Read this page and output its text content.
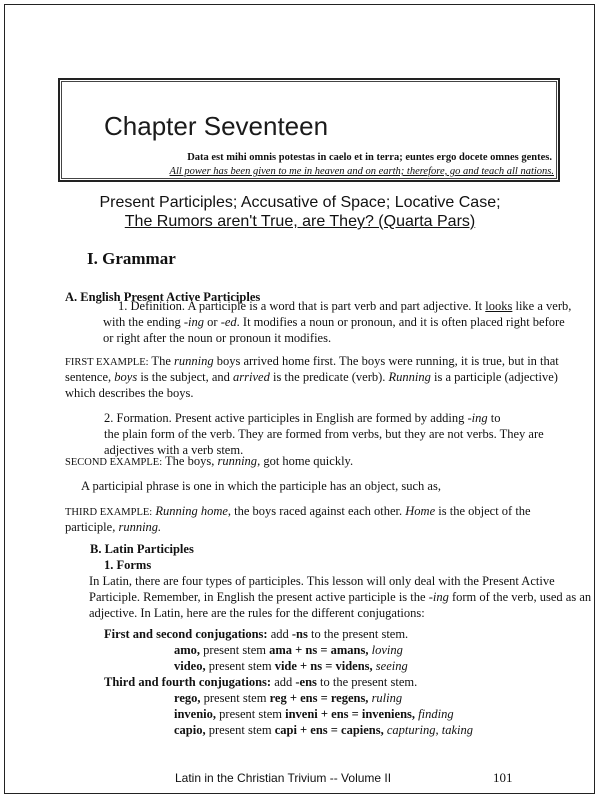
Chapter Seventeen
Data est mihi omnis potestas in caelo et in terra; euntes ergo docete omnes gentes.
All power has been given to me in heaven and on earth; therefore, go and teach all nations.
Present Participles; Accusative of Space; Locative Case;
The Rumors aren't True, are They? (Quarta Pars)
I. Grammar
A. English Present Active Participles
1. Definition. A participle is a word that is part verb and part adjective. It looks like a verb,
with the ending -ing or -ed. It modifies a noun or pronoun, and it is often placed right before
or right after the noun or pronoun it modifies.
FIRST EXAMPLE: The running boys arrived home first. The boys were running, it is true, but in that
sentence, boys is the subject, and arrived is the predicate (verb). Running is a participle (adjective)
which describes the boys.
2. Formation. Present active participles in English are formed by adding -ing to
the plain form of the verb. They are formed from verbs, but they are not verbs. They are
adjectives with a verb stem.
SECOND EXAMPLE: The boys, running, got home quickly.
A participial phrase is one in which the participle has an object, such as,
THIRD EXAMPLE: Running home, the boys raced against each other. Home is the object of the
participle, running.
B. Latin Participles
1. Forms
In Latin, there are four types of participles. This lesson will only deal with the Present Active
Participle. Remember, in English the present active participle is the -ing form of the verb, used as an
adjective. In Latin, here are the rules for the different conjugations:
First and second conjugations: add -ns to the present stem.
amo, present stem ama + ns = amans, loving
video, present stem vide + ns = videns, seeing
Third and fourth conjugations: add -ens to the present stem.
rego, present stem reg + ens = regens, ruling
invenio, present stem inveni + ens = inveniens, finding
capio, present stem capi + ens = capiens, capturing, taking
Latin in the Christian Trivium -- Volume II	101
